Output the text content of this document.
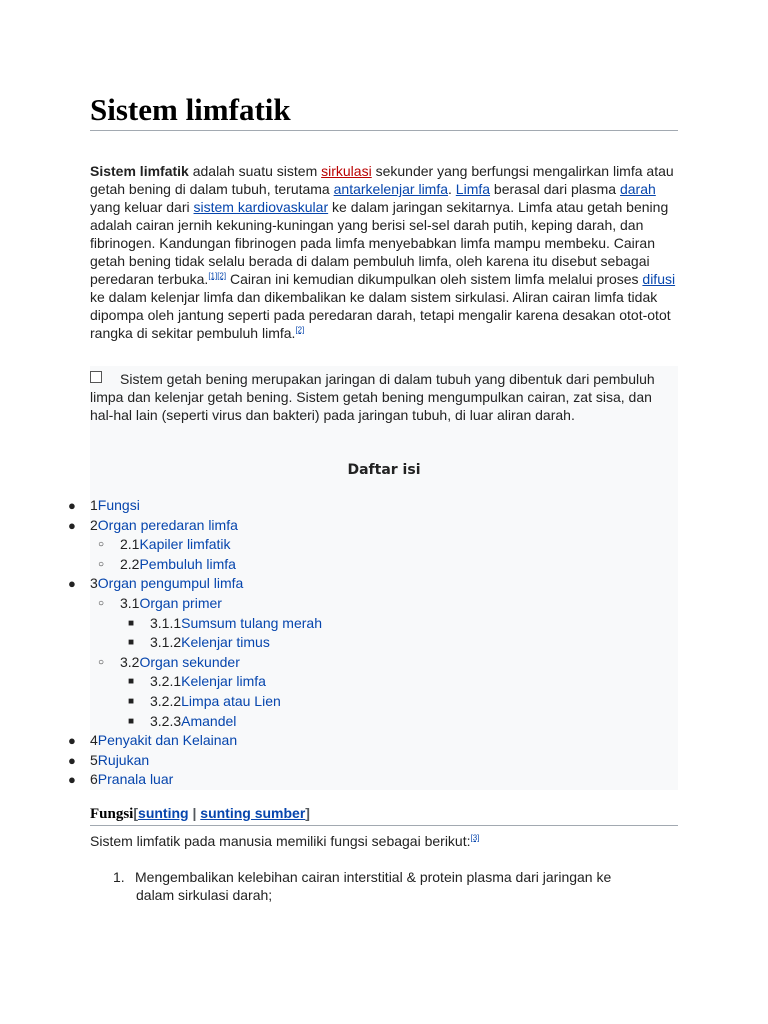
Sistem limfatik

Sistem limfatik adalah suatu sistem sirkulasi sekunder yang berfungsi mengalirkan limfa atau getah bening di dalam tubuh, terutama antarkelenjar limfa. Limfa berasal dari plasma darah yang keluar dari sistem kardiovaskular ke dalam jaringan sekitarnya. Limfa atau getah bening adalah cairan jernih kekuning-kuningan yang berisi sel-sel darah putih, keping darah, dan fibrinogen. Kandungan fibrinogen pada limfa menyebabkan limfa mampu membeku. Cairan getah bening tidak selalu berada di dalam pembuluh limfa, oleh karena itu disebut sebagai peredaran terbuka.[1][2] Cairan ini kemudian dikumpulkan oleh sistem limfa melalui proses difusi ke dalam kelenjar limfa dan dikembalikan ke dalam sistem sirkulasi. Aliran cairan limfa tidak dipompa oleh jantung seperti pada peredaran darah, tetapi mengalir karena desakan otot-otot rangka di sekitar pembuluh limfa.[2]

Sistem getah bening merupakan jaringan di dalam tubuh yang dibentuk dari pembuluh limpa dan kelenjar getah bening. Sistem getah bening mengumpulkan cairan, zat sisa, dan hal-hal lain (seperti virus dan bakteri) pada jaringan tubuh, di luar aliran darah.

Daftar isi
● 1Fungsi
● 2Organ peredaran limfa
○ 2.1Kapiler limfatik
○ 2.2Pembuluh limfa
● 3Organ pengumpul limfa
○ 3.1Organ primer
■ 3.1.1Sumsum tulang merah
■ 3.1.2Kelenjar timus
○ 3.2Organ sekunder
■ 3.2.1Kelenjar limfa
■ 3.2.2Limpa atau Lien
■ 3.2.3Amandel
● 4Penyakit dan Kelainan
● 5Rujukan
● 6Pranala luar
Fungsi[sunting | sunting sumber]

Sistem limfatik pada manusia memiliki fungsi sebagai berikut:[3]

1. Mengembalikan kelebihan cairan interstitial & protein plasma dari jaringan ke
dalam sirkulasi darah;
